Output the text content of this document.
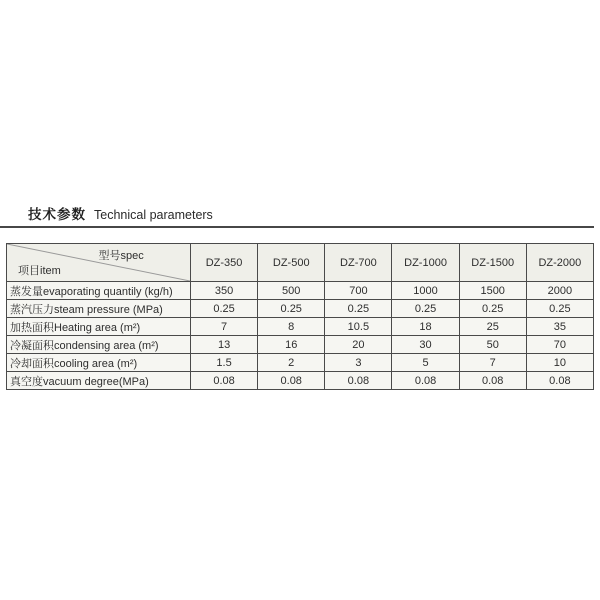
技术参数 Technical parameters
型号spec
项目item	DZ-350	DZ-500	DZ-700	DZ-1000	DZ-1500	DZ-2000
蒸发量evaporating quantily (kg/h)	350	500	700	1000	1500	2000
蒸汽压力steam pressure (MPa)	0.25	0.25	0.25	0.25	0.25	0.25
加热面积Heating area (m²)	7	8	10.5	18	25	35
冷凝面积condensing area (m²)	13	16	20	30	50	70
冷却面积cooling area (m²)	1.5	2	3	5	7	10
真空度vacuum degree(MPa)	0.08	0.08	0.08	0.08	0.08	0.08
